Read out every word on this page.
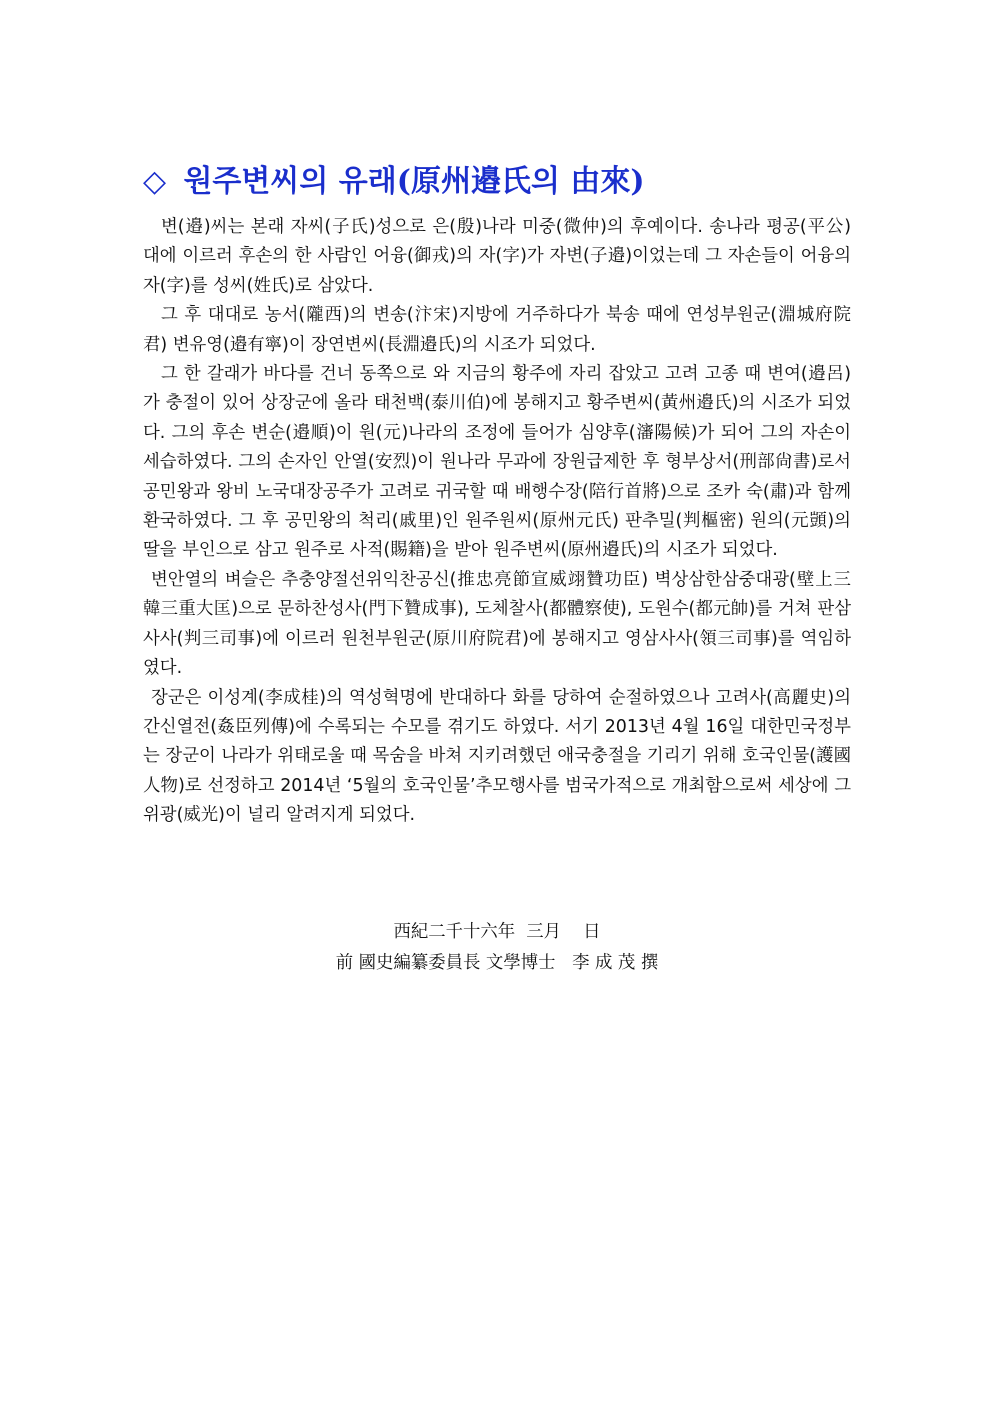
◇ 원주변씨의 유래(原州邉氏의 由來)

변(邉)씨는 본래 자씨(子氏)성으로 은(殷)나라 미중(微仲)의 후예이다. 송나라 평공(平公) 대에 이르러 후손의 한 사람인 어융(御戎)의 자(字)가 자변(子邉)이었는데 그 자손들이 어융의 자(字)를 성씨(姓氏)로 삼았다.

그 후 대대로 농서(隴西)의 변송(汴宋)지방에 거주하다가 북송 때에 연성부원군(淵城府院君) 변유영(邉有寧)이 장연변씨(長淵邉氏)의 시조가 되었다.

그 한 갈래가 바다를 건너 동쪽으로 와 지금의 황주에 자리 잡았고 고려 고종 때 변여(邉呂)가 충절이 있어 상장군에 올라 태천백(泰川伯)에 봉해지고 황주변씨(黃州邉氏)의 시조가 되었다. 그의 후손 변순(邉順)이 원(元)나라의 조정에 들어가 심양후(瀋陽候)가 되어 그의 자손이 세습하였다. 그의 손자인 안열(安烈)이 원나라 무과에 장원급제한 후 형부상서(刑部尙書)로서 공민왕과 왕비 노국대장공주가 고려로 귀국할 때 배행수장(陪行首將)으로 조카 숙(肅)과 함께 환국하였다. 그 후 공민왕의 척리(戚里)인 원주원씨(原州元氏) 판추밀(判樞密) 원의(元顗)의 딸을 부인으로 삼고 원주로 사적(賜籍)을 받아 원주변씨(原州邉氏)의 시조가 되었다.

변안열의 벼슬은 추충양절선위익찬공신(推忠亮節宣威翊贊功臣) 벽상삼한삼중대광(壁上三韓三重大匡)으로 문하찬성사(門下贊成事), 도체찰사(都體察使), 도원수(都元帥)를 거쳐 판삼사사(判三司事)에 이르러 원천부원군(原川府院君)에 봉해지고 영삼사사(領三司事)를 역임하였다.

장군은 이성계(李成桂)의 역성혁명에 반대하다 화를 당하여 순절하였으나 고려사(高麗史)의 간신열전(姦臣列傳)에 수록되는 수모를 겪기도 하였다. 서기 2013년 4월 16일 대한민국정부는 장군이 나라가 위태로울 때 목숨을 바쳐 지키려했던 애국충절을 기리기 위해 호국인물(護國人物)로 선정하고 2014년 ‘5월의 호국인물’추모행사를 범국가적으로 개최함으로써 세상에 그 위광(威光)이 널리 알려지게 되었다.

西紀二千十六年  三月    日
前 國史編纂委員長 文學博士   李 成 茂 撰
